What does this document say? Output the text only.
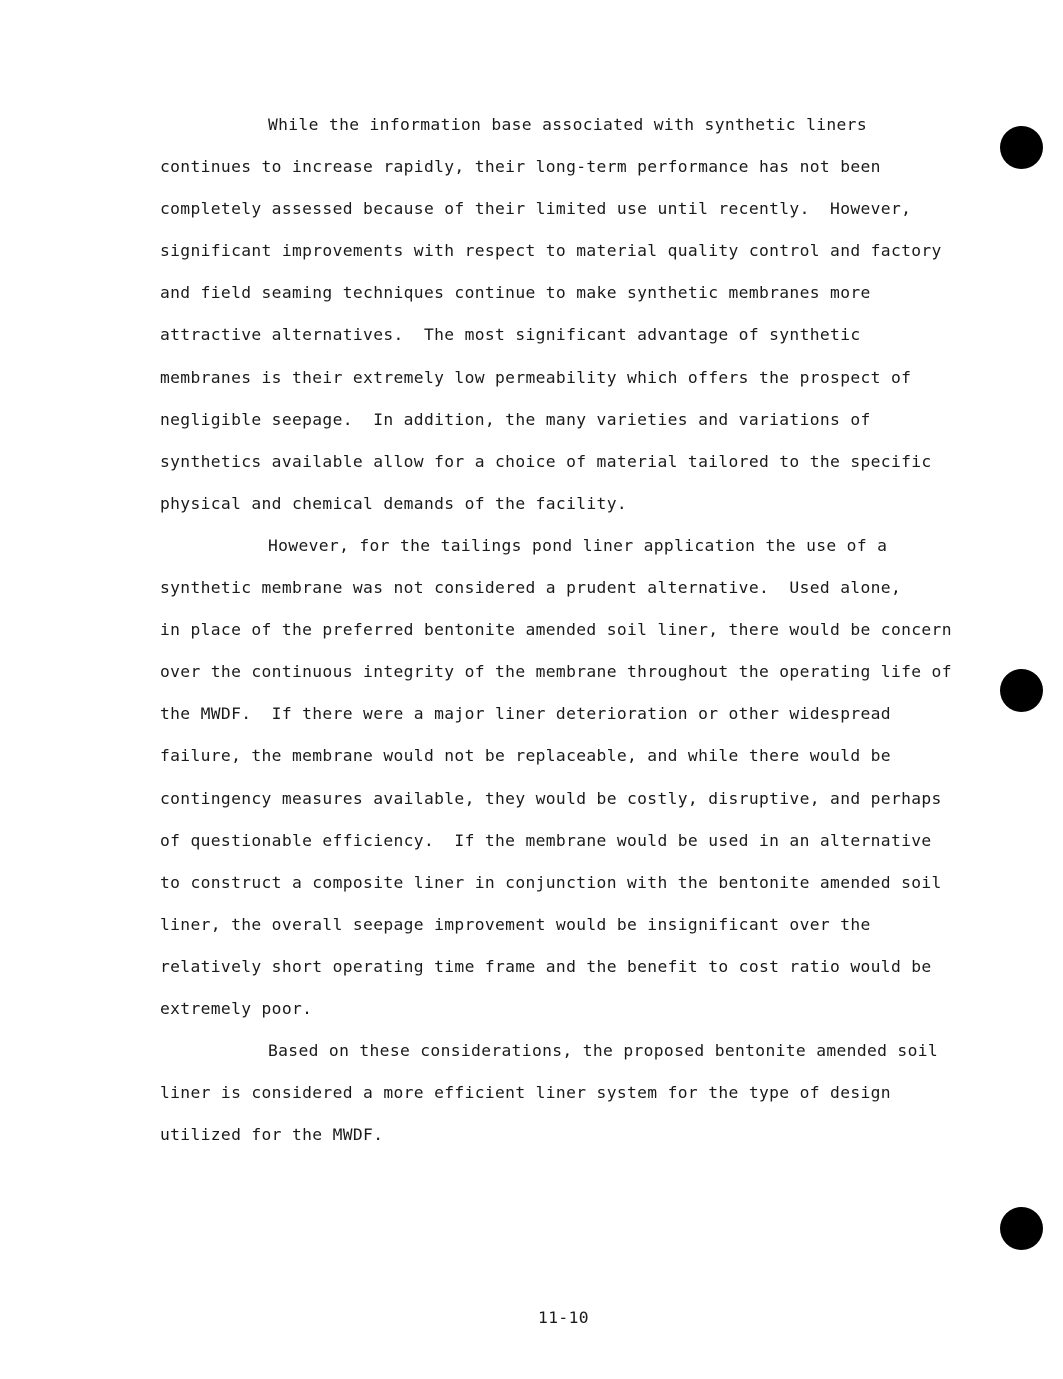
While the information base associated with synthetic liners
continues to increase rapidly, their long-term performance has not been
completely assessed because of their limited use until recently.  However,
significant improvements with respect to material quality control and factory
and field seaming techniques continue to make synthetic membranes more
attractive alternatives.  The most significant advantage of synthetic
membranes is their extremely low permeability which offers the prospect of
negligible seepage.  In addition, the many varieties and variations of
synthetics available allow for a choice of material tailored to the specific
physical and chemical demands of the facility.
However, for the tailings pond liner application the use of a
synthetic membrane was not considered a prudent alternative.  Used alone,
in place of the preferred bentonite amended soil liner, there would be concern
over the continuous integrity of the membrane throughout the operating life of
the MWDF.  If there were a major liner deterioration or other widespread
failure, the membrane would not be replaceable, and while there would be
contingency measures available, they would be costly, disruptive, and perhaps
of questionable efficiency.  If the membrane would be used in an alternative
to construct a composite liner in conjunction with the bentonite amended soil
liner, the overall seepage improvement would be insignificant over the
relatively short operating time frame and the benefit to cost ratio would be
extremely poor.
Based on these considerations, the proposed bentonite amended soil
liner is considered a more efficient liner system for the type of design
utilized for the MWDF.
11-10
